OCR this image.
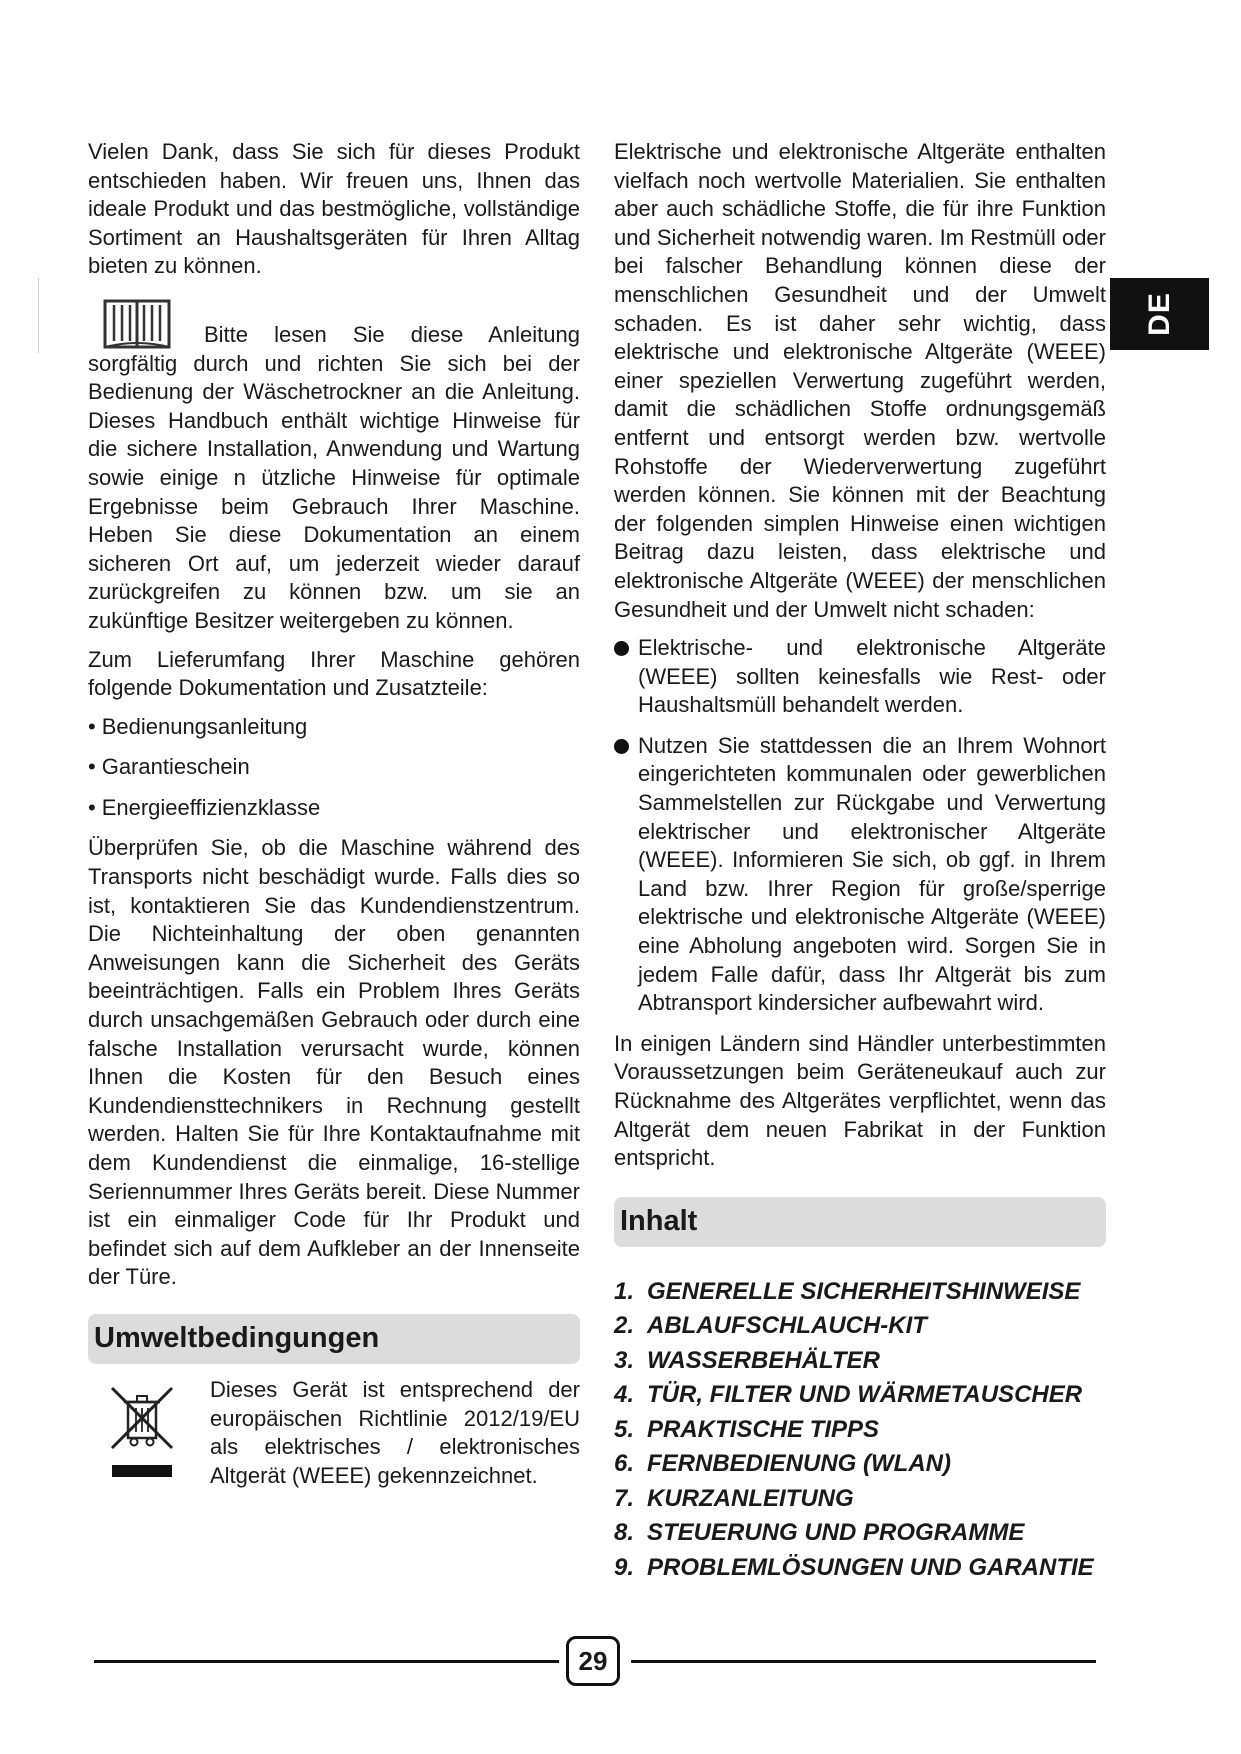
Vielen Dank, dass Sie sich für dieses Produkt entschieden haben. Wir freuen uns, Ihnen das ideale Produkt und das bestmögliche, vollständige Sortiment an Haushaltsgeräten für Ihren Alltag bieten zu können.

Bitte lesen Sie diese Anleitung sorgfältig durch und richten Sie sich bei der Bedienung der Wäschetrockner an die Anleitung. Dieses Handbuch enthält wichtige Hinweise für die sichere Installation, Anwendung und Wartung sowie einige n ützliche Hinweise für optimale Ergebnisse beim Gebrauch Ihrer Maschine. Heben Sie diese Dokumentation an einem sicheren Ort auf, um jederzeit wieder darauf zurückgreifen zu können bzw. um sie an zukünftige Besitzer weitergeben zu können.

Zum Lieferumfang Ihrer Maschine gehören folgende Dokumentation und Zusatzteile:

• Bedienungsanleitung
• Garantieschein
• Energieeffizienzklasse

Überprüfen Sie, ob die Maschine während des Transports nicht beschädigt wurde. Falls dies so ist, kontaktieren Sie das Kundendienstzentrum. Die Nichteinhaltung der oben genannten Anweisungen kann die Sicherheit des Geräts beeinträchtigen. Falls ein Problem Ihres Geräts durch unsachgemäßen Gebrauch oder durch eine falsche Installation verursacht wurde, können Ihnen die Kosten für den Besuch eines Kundendiensttechnikers in Rechnung gestellt werden. Halten Sie für Ihre Kontaktaufnahme mit dem Kundendienst die einmalige, 16-stellige Seriennummer Ihres Geräts bereit. Diese Nummer ist ein einmaliger Code für Ihr Produkt und befindet sich auf dem Aufkleber an der Innenseite der Türe.

Umweltbedingungen

Dieses Gerät ist entsprechend der europäischen Richtlinie 2012/19/EU als elektrisches / elektronisches Altgerät (WEEE) gekennzeichnet.

Elektrische und elektronische Altgeräte enthalten vielfach noch wertvolle Materialien. Sie enthalten aber auch schädliche Stoffe, die für ihre Funktion und Sicherheit notwendig waren. Im Restmüll oder bei falscher Behandlung können diese der menschlichen Gesundheit und der Umwelt schaden. Es ist daher sehr wichtig, dass elektrische und elektronische Altgeräte (WEEE) einer speziellen Verwertung zugeführt werden, damit die schädlichen Stoffe ordnungsgemäß entfernt und entsorgt werden bzw. wertvolle Rohstoffe der Wiederverwertung zugeführt werden können. Sie können mit der Beachtung der folgenden simplen Hinweise einen wichtigen Beitrag dazu leisten, dass elektrische und elektronische Altgeräte (WEEE) der menschlichen Gesundheit und der Umwelt nicht schaden:

Elektrische- und elektronische Altgeräte (WEEE) sollten keinesfalls wie Rest- oder Haushaltsmüll behandelt werden.
Nutzen Sie stattdessen die an Ihrem Wohnort eingerichteten kommunalen oder gewerblichen Sammelstellen zur Rückgabe und Verwertung elektrischer und elektronischer Altgeräte (WEEE). Informieren Sie sich, ob ggf. in Ihrem Land bzw. Ihrer Region für große/sperrige elektrische und elektronische Altgeräte (WEEE) eine Abholung angeboten wird. Sorgen Sie in jedem Falle dafür, dass Ihr Altgerät bis zum Abtransport kindersicher aufbewahrt wird.

In einigen Ländern sind Händler unterbestimmten Voraussetzungen beim Geräteneukauf auch zur Rücknahme des Altgerätes verpflichtet, wenn das Altgerät dem neuen Fabrikat in der Funktion entspricht.

Inhalt
1. GENERELLE SICHERHEITSHINWEISE
2. ABLAUFSCHLAUCH-KIT
3. WASSERBEHÄLTER
4. TÜR, FILTER UND WÄRMETAUSCHER
5. PRAKTISCHE TIPPS
6. FERNBEDIENUNG (WLAN)
7. KURZANLEITUNG
8. STEUERUNG UND PROGRAMME
9. PROBLEMLÖSUNGEN UND GARANTIE
DE
29
